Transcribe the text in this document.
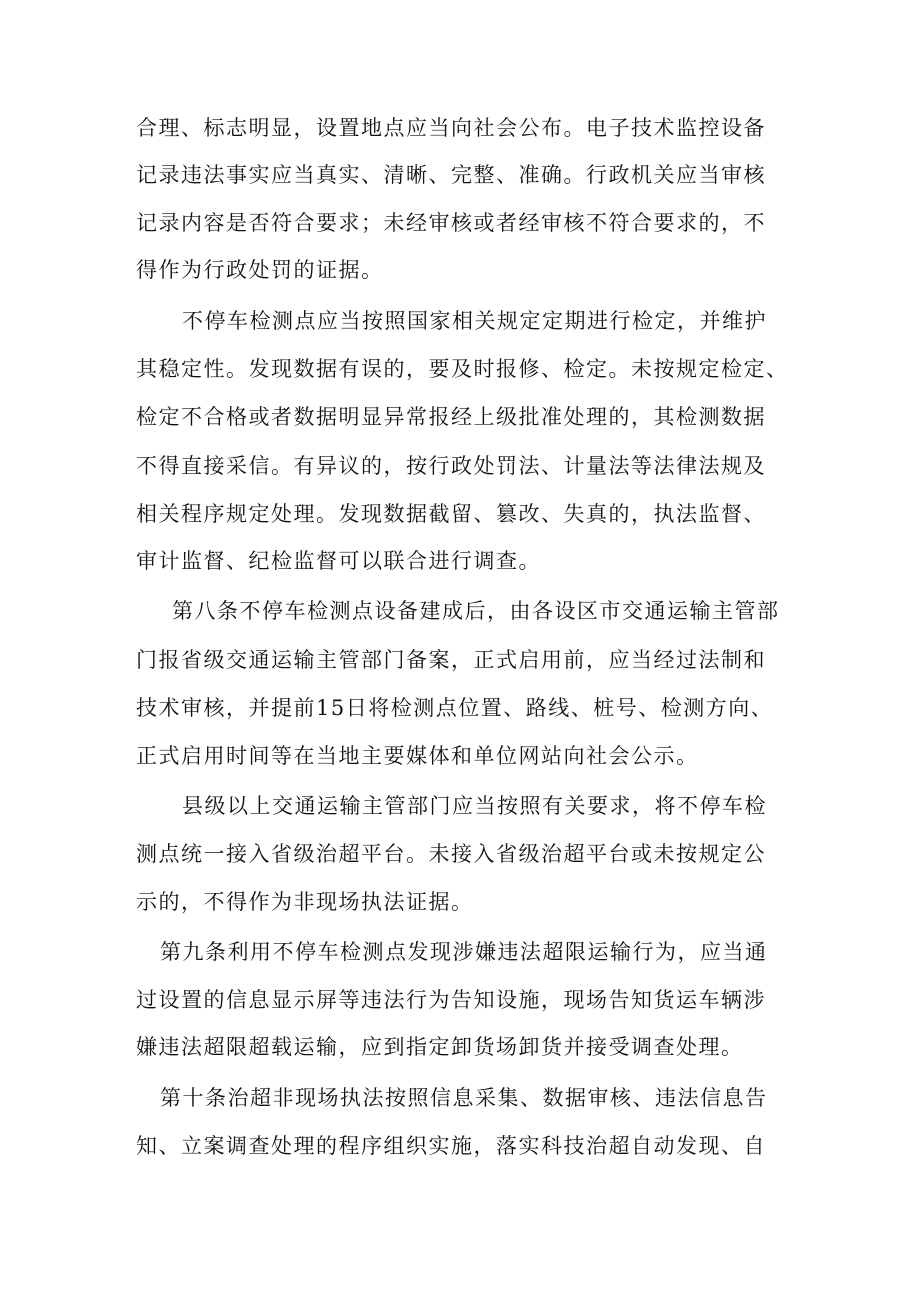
合理、标志明显，设置地点应当向社会公布。电子技术监控设备
记录违法事实应当真实、清晰、完整、准确。行政机关应当审核
记录内容是否符合要求；未经审核或者经审核不符合要求的，不
得作为行政处罚的证据。
不停车检测点应当按照国家相关规定定期进行检定，并维护
其稳定性。发现数据有误的，要及时报修、检定。未按规定检定、
检定不合格或者数据明显异常报经上级批准处理的，其检测数据
不得直接采信。有异议的，按行政处罚法、计量法等法律法规及
相关程序规定处理。发现数据截留、篡改、失真的，执法监督、
审计监督、纪检监督可以联合进行调查。
第八条不停车检测点设备建成后，由各设区市交通运输主管部
门报省级交通运输主管部门备案，正式启用前，应当经过法制和
技术审核，并提前15日将检测点位置、路线、桩号、检测方向、
正式启用时间等在当地主要媒体和单位网站向社会公示。
县级以上交通运输主管部门应当按照有关要求，将不停车检
测点统一接入省级治超平台。未接入省级治超平台或未按规定公
示的，不得作为非现场执法证据。
第九条利用不停车检测点发现涉嫌违法超限运输行为，应当通
过设置的信息显示屏等违法行为告知设施，现场告知货运车辆涉
嫌违法超限超载运输，应到指定卸货场卸货并接受调查处理。
第十条治超非现场执法按照信息采集、数据审核、违法信息告
知、立案调查处理的程序组织实施，落实科技治超自动发现、自
